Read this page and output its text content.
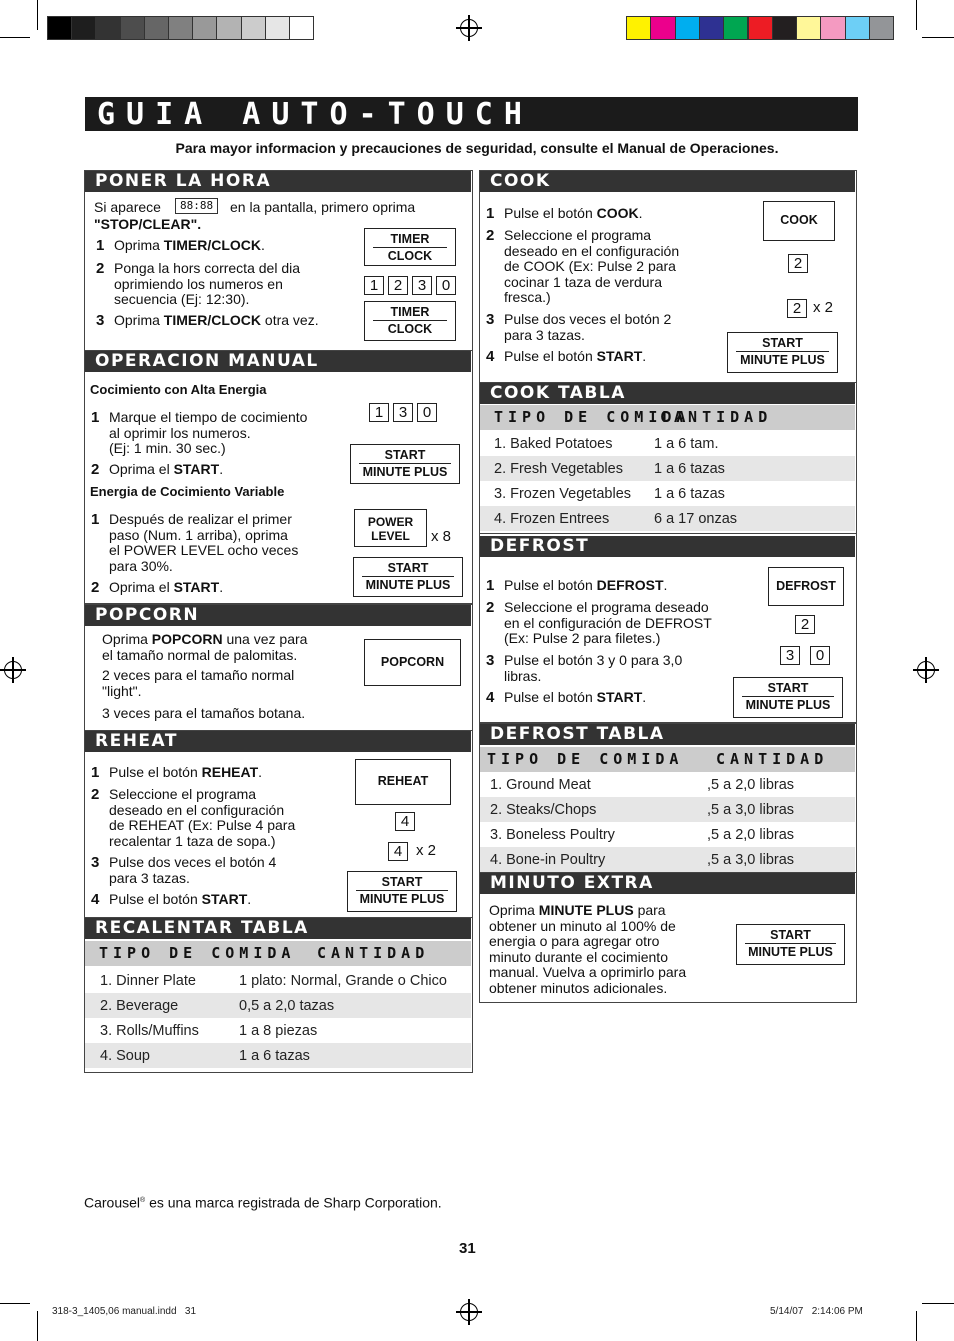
GUIA AUTO-TOUCH
Para mayor informacion y precauciones de seguridad, consulte el Manual de Operaciones.
PONER LA HORA
Si aparece	88:88	en la pantalla, primero oprima
"STOP/CLEAR".
1 Oprima TIMER/CLOCK.
2 Ponga la hors correcta del dia
oprimiendo los numeros en
secuencia (Ej: 12:30).
3 Oprima TIMER/CLOCK otra vez.
TIMER
CLOCK
1	2	3	0
TIMER
CLOCK
OPERACION MANUAL
Cocimiento con Alta Energia
1 Marque el tiempo de cocimiento
al oprimir los numeros.
(Ej: 1 min. 30 sec.)
1	3	0
2 Oprima el START.
START
MINUTE PLUS
Energia de Cocimiento Variable
1 Después de realizar el primer
paso (Num. 1 arriba), oprima
el POWER LEVEL ocho veces
para 30%.
POWER
LEVEL	x 8
2 Oprima el START.
START
MINUTE PLUS
POPCORN
Oprima POPCORN una vez para
el tamaño normal de palomitas.
2 veces para el tamaño normal
"light".
3 veces para el tamaños botana.
POPCORN
REHEAT
1 Pulse el botón REHEAT.
2 Seleccione el programa
deseado en el configuración
de REHEAT (Ex: Pulse 4 para
recalentar 1 taza de sopa.)
3 Pulse dos veces el botón 4
para 3 tazas.
4 Pulse el botón START.
REHEAT
4
4 x 2
START
MINUTE PLUS
RECALENTAR TABLA
TIPO DE COMIDA CANTIDAD
1. Dinner Plate	1 plato: Normal, Grande o Chico
2. Beverage	0,5 a 2,0 tazas
3. Rolls/Muffins	1 a 8 piezas
4. Soup	1 a 6 tazas
COOK
1 Pulse el botón COOK.
2 Seleccione el programa
deseado en el configuración
de COOK (Ex: Pulse 2 para
cocinar 1 taza de verdura
fresca.)
3 Pulse dos veces el botón 2
para 3 tazas.
4 Pulse el botón START.
COOK
2
2 x 2
START
MINUTE PLUS
COOK TABLA
TIPO DE COMIDA
CANTIDAD
1. Baked Potatoes	1 a 6 tam.
2. Fresh Vegetables 1 a 6 tazas
3. Frozen Vegetables 1 a 6 tazas
4. Frozen Entrees	6 a 17 onzas
DEFROST
1 Pulse el botón DEFROST.
2 Seleccione el programa deseado
en el configuración de DEFROST
(Ex: Pulse 2 para filetes.)
3 Pulse el botón 3 y 0 para 3,0
libras.
4 Pulse el botón START.
DEFROST
2
3	0
START
MINUTE PLUS
DEFROST TABLA
TIPO DE COMIDA CANTIDAD
1. Ground Meat	,5 a 2,0 libras
2. Steaks/Chops	,5 a 3,0 libras
3. Boneless Poultry	,5 a 2,0 libras
4. Bone-in Poultry	,5 a 3,0 libras
MINUTO EXTRA
Oprima MINUTE PLUS para
obtener un minuto al 100% de
energia o para agregar otro
minuto durante el cocimiento
manual. Vuelva a oprimirlo para
obtener minutos adicionales.
START
MINUTE PLUS
Carousel® es una marca registrada de Sharp Corporation.
31
318-3_1405,06 manual.indd   31	5/14/07   2:14:06 PM
